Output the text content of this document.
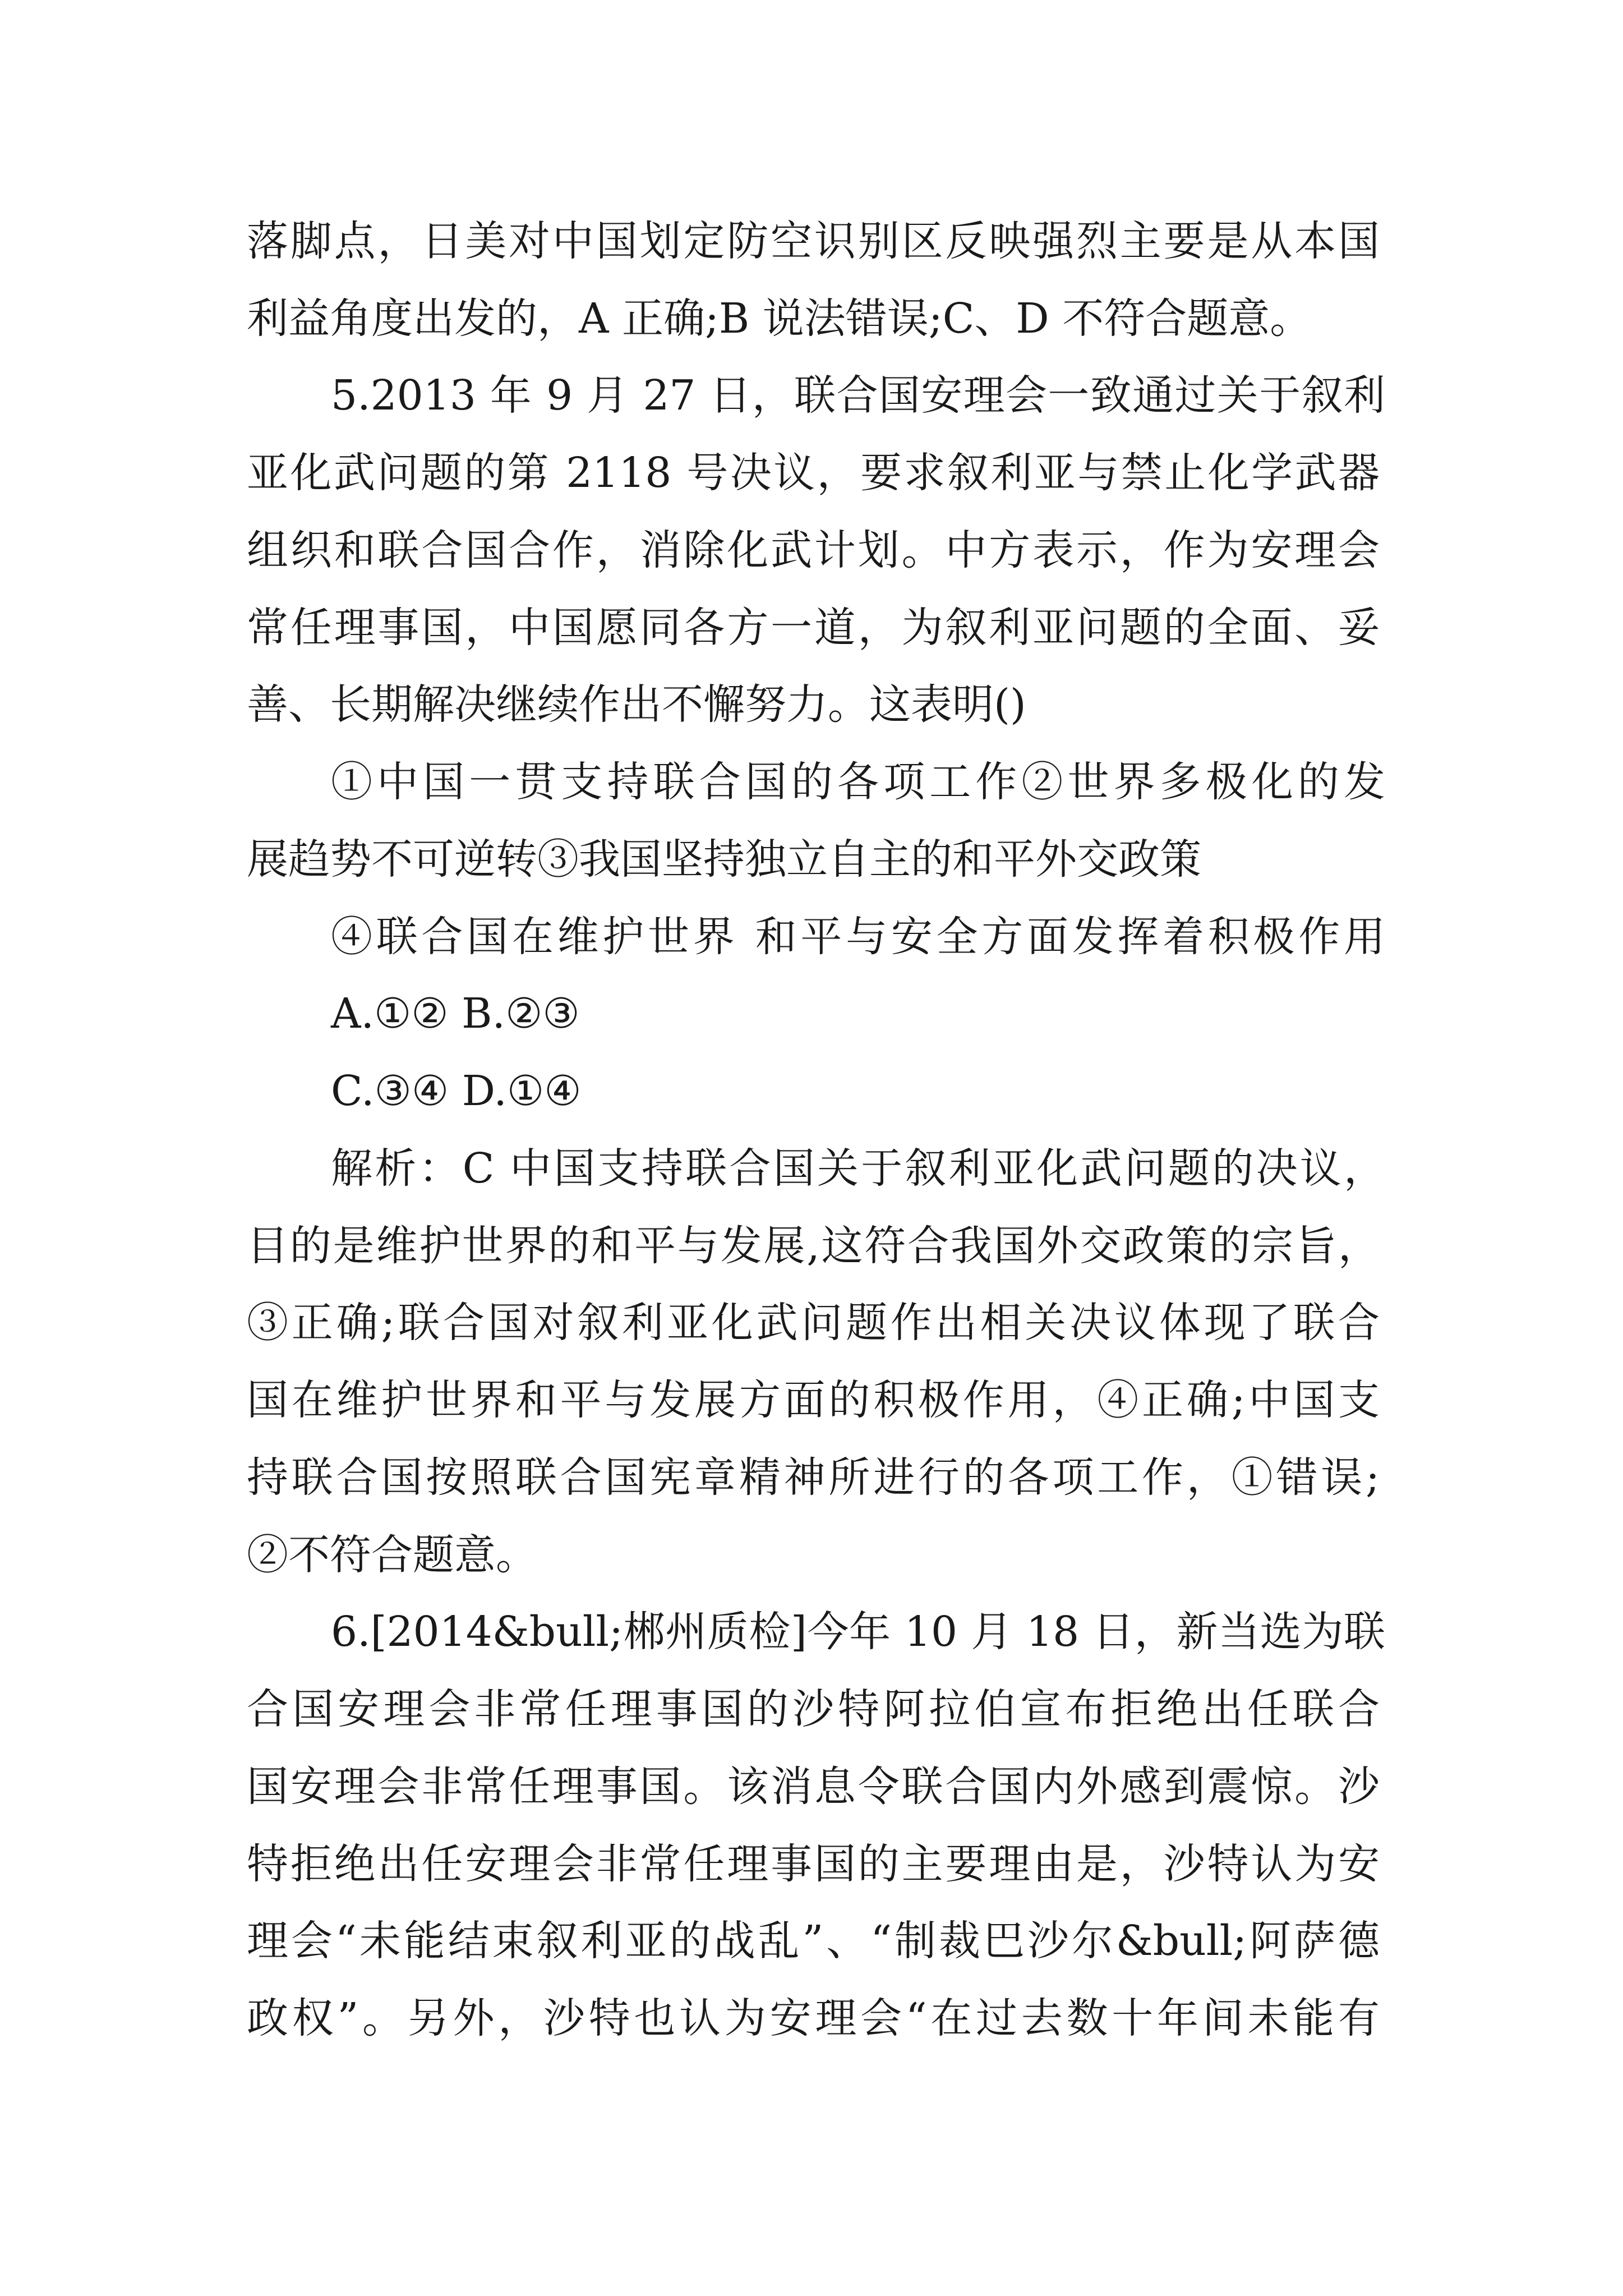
落脚点，日美对中国划定防空识别区反映强烈主要是从本国
利益角度出发的，A 正确;B 说法错误;C、D 不符合题意。
5.2013 年 9 月 27 日，联合国安理会一致通过关于叙利
亚化武问题的第 2118 号决议，要求叙利亚与禁止化学武器
组织和联合国合作，消除化武计划。中方表示，作为安理会
常任理事国，中国愿同各方一道，为叙利亚问题的全面、妥
善、长期解决继续作出不懈努力。这表明()
①中国一贯支持联合国的各项工作②世界多极化的发
展趋势不可逆转③我国坚持独立自主的和平外交政策
④联合国在维护世界 和平与安全方面发挥着积极作用
A.①② B.②③
C.③④ D.①④
解析：C 中国支持联合国关于叙利亚化武问题的决议，
目的是维护世界的和平与发展,这符合我国外交政策的宗旨，
③正确;联合国对叙利亚化武问题作出相关决议体现了联合
国在维护世界和平与发展方面的积极作用，④正确;中国支
持联合国按照联合国宪章精神所进行的各项工作，①错误;
②不符合题意。
6.[2014&bull;郴州质检]今年 10 月 18 日，新当选为联
合国安理会非常任理事国的沙特阿拉伯宣布拒绝出任联合
国安理会非常任理事国。该消息令联合国内外感到震惊。沙
特拒绝出任安理会非常任理事国的主要理由是，沙特认为安
理会“未能结束叙利亚的战乱”、“制裁巴沙尔&bull;阿萨德
政权”。另外，沙特也认为安理会“在过去数十年间未能有
